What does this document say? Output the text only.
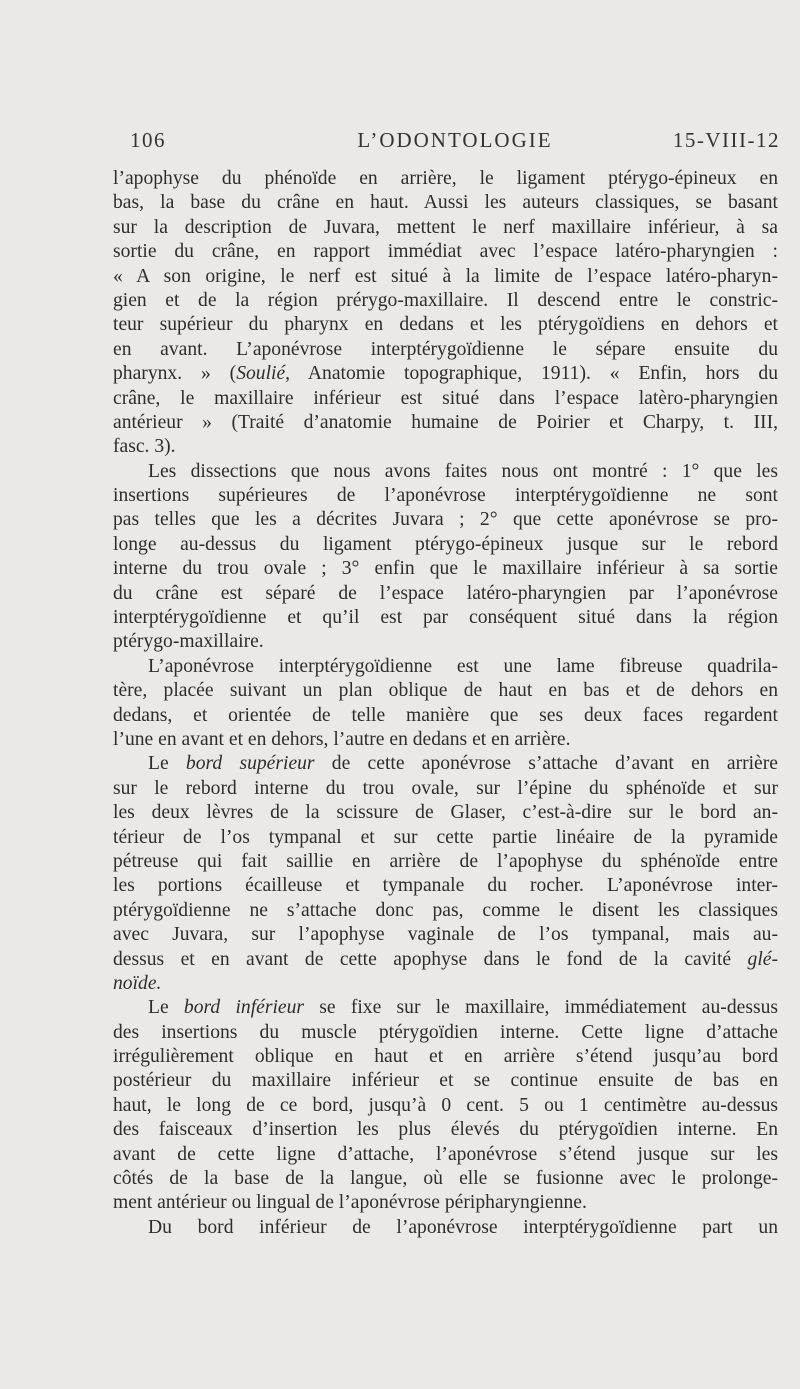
106	L’ODONTOLOGIE	15-VIII-12
l’apophyse du phénoïde en arrière, le ligament ptérygo-épineux en
bas, la base du crâne en haut. Aussi les auteurs classiques, se basant
sur la description de Juvara, mettent le nerf maxillaire inférieur, à sa
sortie du crâne, en rapport immédiat avec l’espace latéro-pharyngien :
« A son origine, le nerf est situé à la limite de l’espace latéro-pharyn-
gien et de la région prérygo-maxillaire. Il descend entre le constric-
teur supérieur du pharynx en dedans et les ptérygoïdiens en dehors et
en avant. L’aponévrose interptérygoïdienne le sépare ensuite du
pharynx. » (Soulié, Anatomie topographique, 1911). « Enfin, hors du
crâne, le maxillaire inférieur est situé dans l’espace latèro-pharyngien
antérieur » (Traité d’anatomie humaine de Poirier et Charpy, t. III,
fasc. 3).
Les dissections que nous avons faites nous ont montré : 1° que les
insertions supérieures de l’aponévrose interptérygoïdienne ne sont
pas telles que les a décrites Juvara ; 2° que cette aponévrose se pro-
longe au-dessus du ligament ptérygo-épineux jusque sur le rebord
interne du trou ovale ; 3° enfin que le maxillaire inférieur à sa sortie
du crâne est séparé de l’espace latéro-pharyngien par l’aponévrose
interptérygoïdienne et qu’il est par conséquent situé dans la région
ptérygo-maxillaire.
L’aponévrose interptérygoïdienne est une lame fibreuse quadrila-
tère, placée suivant un plan oblique de haut en bas et de dehors en
dedans, et orientée de telle manière que ses deux faces regardent
l’une en avant et en dehors, l’autre en dedans et en arrière.
Le bord supérieur de cette aponévrose s’attache d’avant en arrière
sur le rebord interne du trou ovale, sur l’épine du sphénoïde et sur
les deux lèvres de la scissure de Glaser, c’est-à-dire sur le bord an-
térieur de l’os tympanal et sur cette partie linéaire de la pyramide
pétreuse qui fait saillie en arrière de l’apophyse du sphénoïde entre
les portions écailleuse et tympanale du rocher. L’aponévrose inter-
ptérygoïdienne ne s’attache donc pas, comme le disent les classiques
avec Juvara, sur l’apophyse vaginale de l’os tympanal, mais au-
dessus et en avant de cette apophyse dans le fond de la cavité glé-
noïde.
Le bord inférieur se fixe sur le maxillaire, immédiatement au-dessus
des insertions du muscle ptérygoïdien interne. Cette ligne d’attache
irrégulièrement oblique en haut et en arrière s’étend jusqu’au bord
postérieur du maxillaire inférieur et se continue ensuite de bas en
haut, le long de ce bord, jusqu’à 0 cent. 5 ou 1 centimètre au-dessus
des faisceaux d’insertion les plus élevés du ptérygoïdien interne. En
avant de cette ligne d’attache, l’aponévrose s’étend jusque sur les
côtés de la base de la langue, où elle se fusionne avec le prolonge-
ment antérieur ou lingual de l’aponévrose péripharyngienne.
Du bord inférieur de l’aponévrose interptérygoïdienne part un
